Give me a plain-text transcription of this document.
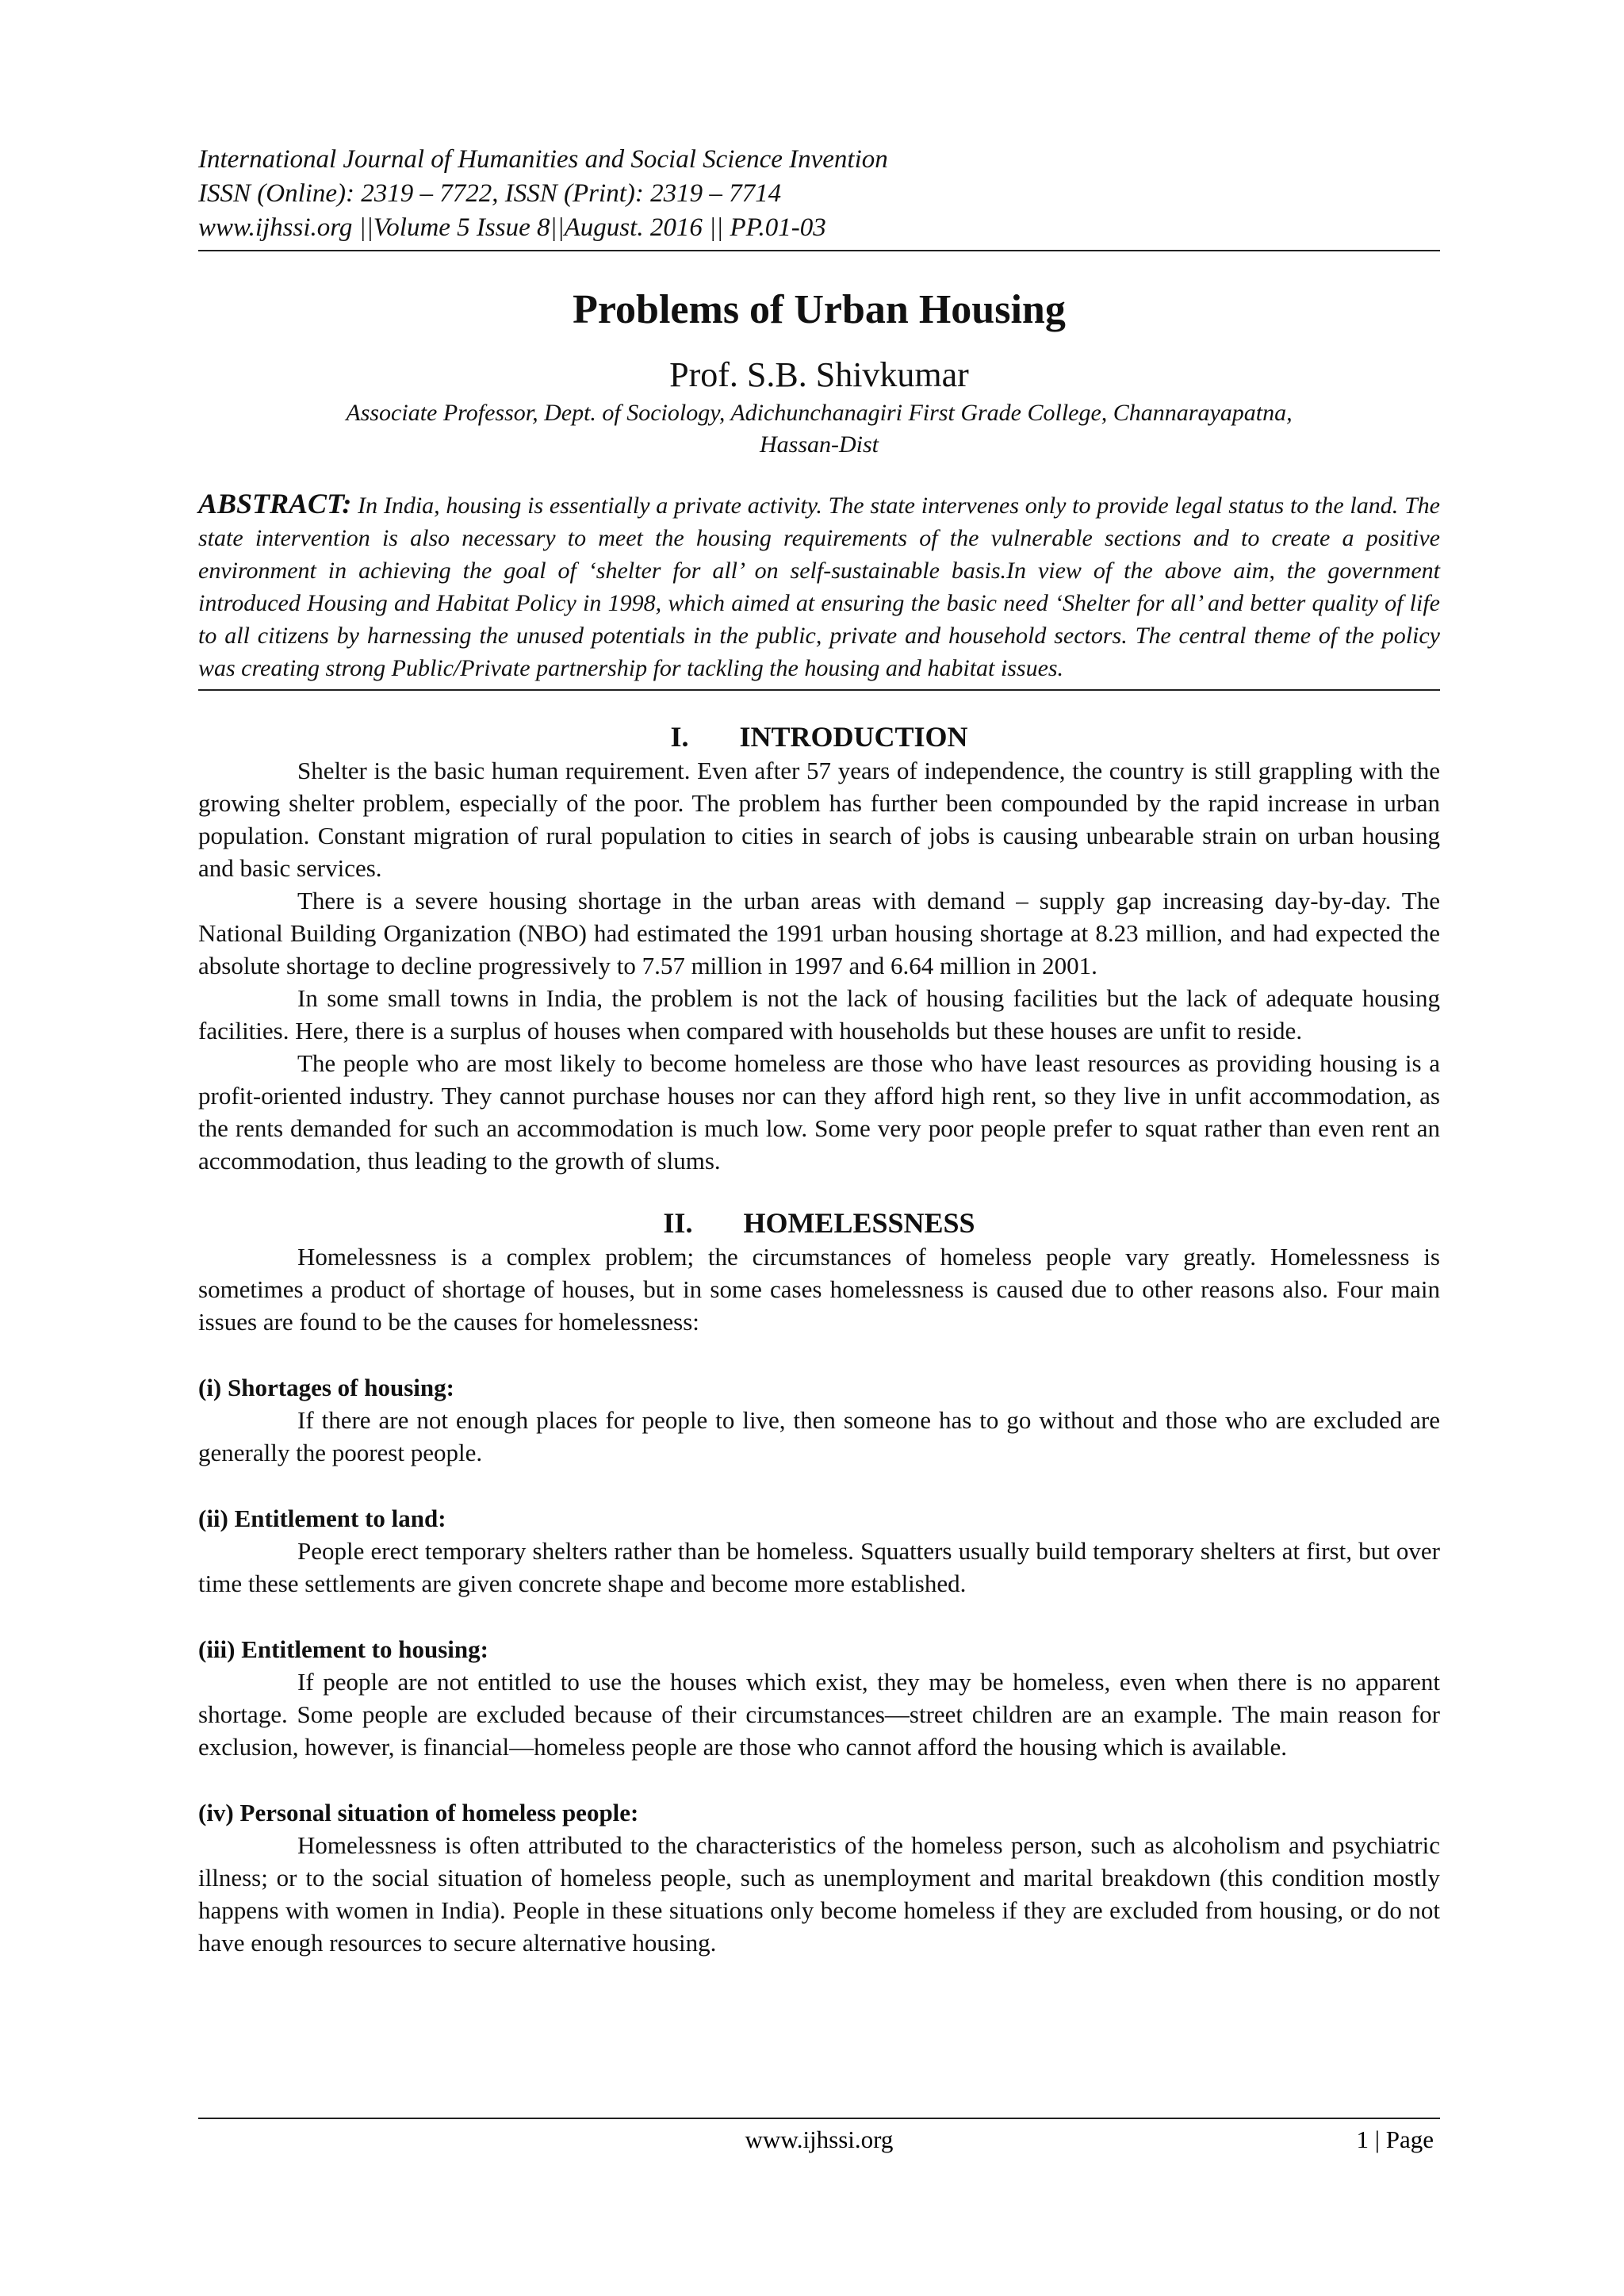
International Journal of Humanities and Social Science Invention
ISSN (Online): 2319 – 7722, ISSN (Print): 2319 – 7714
www.ijhssi.org ||Volume 5 Issue 8||August. 2016 || PP.01-03
Problems of Urban Housing
Prof. S.B. Shivkumar
Associate Professor, Dept. of Sociology, Adichunchanagiri First Grade College, Channarayapatna,
Hassan-Dist
ABSTRACT: In India, housing is essentially a private activity. The state intervenes only to provide legal status to the land. The state intervention is also necessary to meet the housing requirements of the vulnerable sections and to create a positive environment in achieving the goal of ‘shelter for all’ on self-sustainable basis.In view of the above aim, the government introduced Housing and Habitat Policy in 1998, which aimed at ensuring the basic need ‘Shelter for all’ and better quality of life to all citizens by harnessing the unused potentials in the public, private and household sectors. The central theme of the policy was creating strong Public/Private partnership for tackling the housing and habitat issues.
I. INTRODUCTION

Shelter is the basic human requirement. Even after 57 years of independence, the country is still grappling with the growing shelter problem, especially of the poor. The problem has further been compounded by the rapid increase in urban population. Constant migration of rural population to cities in search of jobs is causing unbearable strain on urban housing and basic services.

There is a severe housing shortage in the urban areas with demand – supply gap increasing day-by-day. The National Building Organization (NBO) had estimated the 1991 urban housing shortage at 8.23 million, and had expected the absolute shortage to decline progressively to 7.57 million in 1997 and 6.64 million in 2001.

In some small towns in India, the problem is not the lack of housing facilities but the lack of adequate housing facilities. Here, there is a surplus of houses when compared with households but these houses are unfit to reside.

The people who are most likely to become homeless are those who have least resources as providing housing is a profit-oriented industry. They cannot purchase houses nor can they afford high rent, so they live in unfit accommodation, as the rents demanded for such an accommodation is much low. Some very poor people prefer to squat rather than even rent an accommodation, thus leading to the growth of slums.

II. HOMELESSNESS

Homelessness is a complex problem; the circumstances of homeless people vary greatly. Homelessness is sometimes a product of shortage of houses, but in some cases homelessness is caused due to other reasons also. Four main issues are found to be the causes for homelessness:

(i) Shortages of housing:

If there are not enough places for people to live, then someone has to go without and those who are excluded are generally the poorest people.

(ii) Entitlement to land:

People erect temporary shelters rather than be homeless. Squatters usually build temporary shelters at first, but over time these settlements are given concrete shape and become more established.

(iii) Entitlement to housing:

If people are not entitled to use the houses which exist, they may be homeless, even when there is no apparent shortage. Some people are excluded because of their circumstances—street children are an example. The main reason for exclusion, however, is financial—homeless people are those who cannot afford the housing which is available.

(iv) Personal situation of homeless people:

Homelessness is often attributed to the characteristics of the homeless person, such as alcoholism and psychiatric illness; or to the social situation of homeless people, such as unemployment and marital breakdown (this condition mostly happens with women in India). People in these situations only become homeless if they are excluded from housing, or do not have enough resources to secure alternative housing.

www.ijhssi.org	1 | Page
